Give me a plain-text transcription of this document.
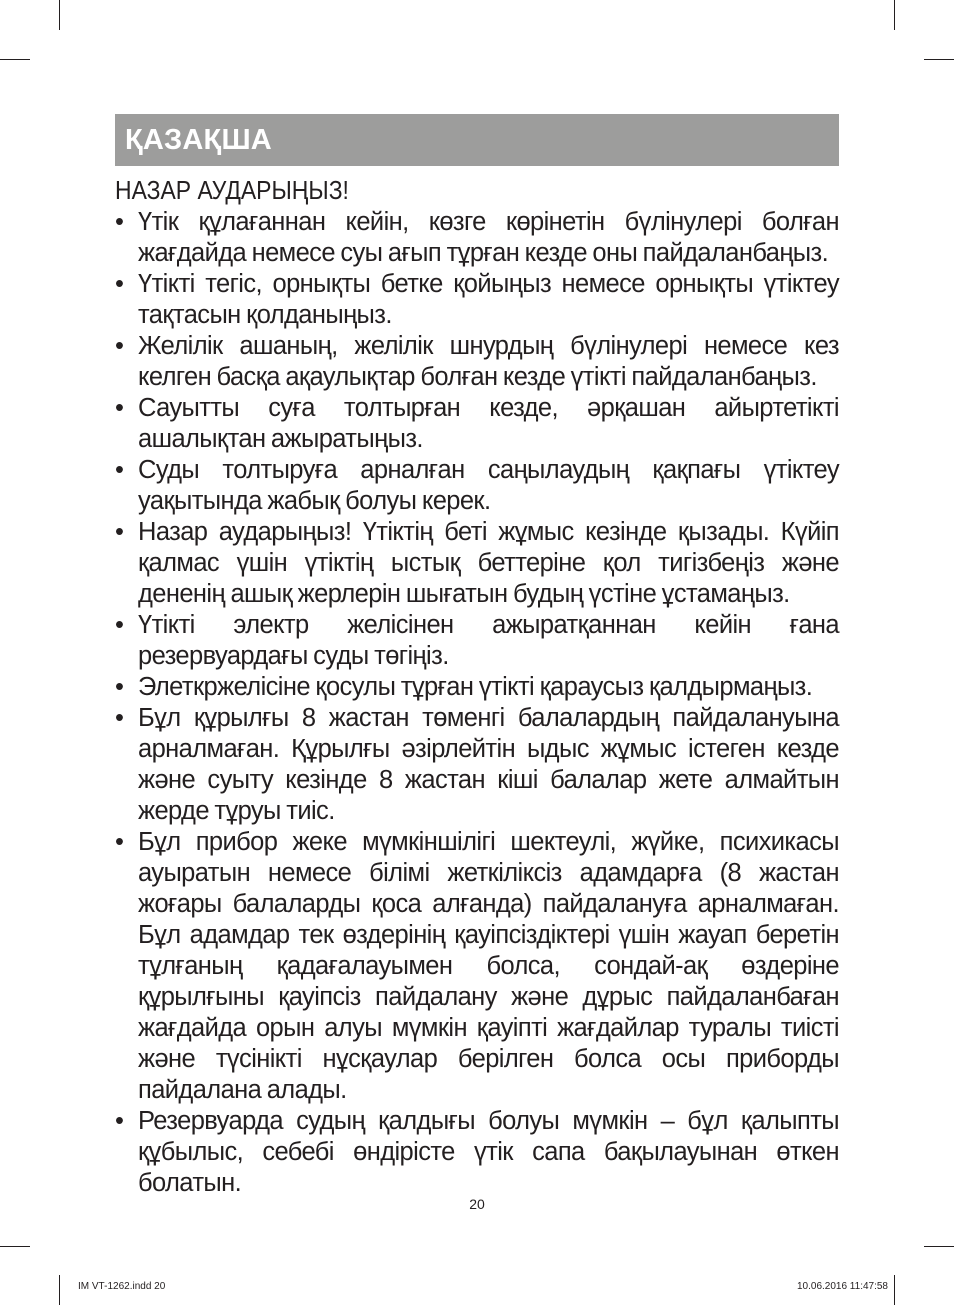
ҚАЗАҚША
НАЗАР АУДАРЫҢЫЗ!
• Үтік құлағаннан кейін, көзге көрінетін бүлінулері болған жағдайда немесе суы ағып тұрған кезде оны пайдаланбаңыз.
• Үтікті тегіс, орнықты бетке қойыңыз немесе орнықты үтіктеу тақтасын қолданыңыз.
• Желілік ашаның, желілік шнурдың бүлінулері немесе кез келген басқа ақаулықтар болған кезде үтікті пайдаланбаңыз.
• Сауытты суға толтырған кезде, әрқашан айыртетікті ашалықтан ажыратыңыз.
• Суды толтыруға арналған саңылаудың қақпағы үтіктеу уақытында жабық болуы керек.
• Назар аударыңыз! Үтіктің беті жұмыс кезінде қызады. Күйіп қалмас үшін үтіктің ыстық беттеріне қол тигізбеңіз және дененің ашық жерлерін шығатын будың үстіне ұстамаңыз.
• Үтікті электр желісінен ажыратқаннан кейін ғана резервуардағы суды төгіңіз.
• Элеткржелісіне қосулы тұрған үтікті қараусыз қалдырмаңыз.
• Бұл құрылғы 8 жастан төменгі балалардың пайдалануына арналмаған. Құрылғы әзірлейтін ыдыс жұмыс істеген кезде және суыту кезінде 8 жастан кіші балалар жете алмайтын жерде тұруы тиіс.
• Бұл прибор жеке мүмкіншілігі шектеулі, жүйке, психикасы ауыратын немесе білімі жеткіліксіз адамдарға (8 жастан жоғары балаларды қоса алғанда) пайдалануға арналмаған. Бұл адамдар тек өздерінің қауіпсіздіктері үшін жауап беретін тұлғаның қадағалауымен болса, сондай-ақ өздеріне құрылғыны қауіпсіз пайдалану және дұрыс пайдаланбаған жағдайда орын алуы мүмкін қауіпті жағдайлар туралы тиісті және түсінікті нұсқаулар берілген болса осы приборды пайдалана алады.
• Резервуарда судың қалдығы болуы мүмкін – бұл қалыпты құбылыс, себебі өндірісте үтік сапа бақылауынан өткен болатын.
20
IM VT-1262.indd 20	10.06.2016 11:47:58
